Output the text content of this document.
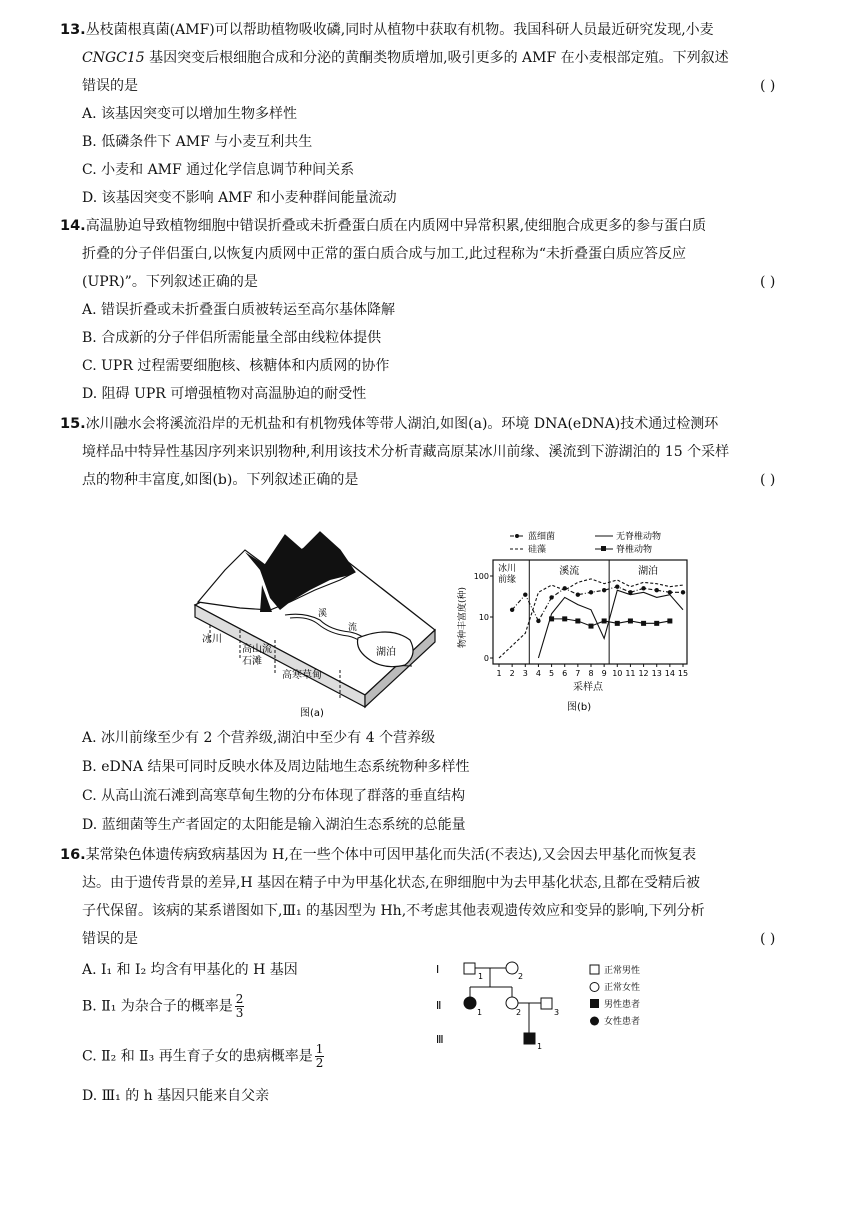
13.丛枝菌根真菌(AMF)可以帮助植物吸收磷,同时从植物中获取有机物。我国科研人员最近研究发现,小麦
CNGC15 基因突变后根细胞合成和分泌的黄酮类物质增加,吸引更多的 AMF 在小麦根部定殖。下列叙述
错误的是	( )
A. 该基因突变可以增加生物多样性
B. 低磷条件下 AMF 与小麦互利共生
C. 小麦和 AMF 通过化学信息调节种间关系
D. 该基因突变不影响 AMF 和小麦种群间能量流动
14.高温胁迫导致植物细胞中错误折叠或未折叠蛋白质在内质网中异常积累,使细胞合成更多的参与蛋白质
折叠的分子伴侣蛋白,以恢复内质网中正常的蛋白质合成与加工,此过程称为“未折叠蛋白质应答反应
(UPR)”。下列叙述正确的是	( )
A. 错误折叠或未折叠蛋白质被转运至高尔基体降解
B. 合成新的分子伴侣所需能量全部由线粒体提供
C. UPR 过程需要细胞核、核糖体和内质网的协作
D. 阻碍 UPR 可增强植物对高温胁迫的耐受性
15.冰川融水会将溪流沿岸的无机盐和有机物残体等带人湖泊,如图(a)。环境 DNA(eDNA)技术通过检测环
境样品中特异性基因序列来识别物种,利用该技术分析青藏高原某冰川前缘、溪流到下游湖泊的 15 个采样
点的物种丰富度,如图(b)。下列叙述正确的是	( )
冰川
高山流
石滩
高寒草甸
溪
流
湖泊
图(a)
蓝细菌	无脊椎动物
硅藻	脊椎动物
冰川
前缘
溪流	湖泊
100
10
0
1 2 3 4 5 6 7 8 9 10 11 12 13 14 15
物种丰富度(种)
采样点
图(b)
A. 冰川前缘至少有 2 个营养级,湖泊中至少有 4 个营养级
B. eDNA 结果可同时反映水体及周边陆地生态系统物种多样性
C. 从高山流石滩到高寒草甸生物的分布体现了群落的垂直结构
D. 蓝细菌等生产者固定的太阳能是输入湖泊生态系统的总能量
16.某常染色体遗传病致病基因为 H,在一些个体中可因甲基化而失活(不表达),又会因去甲基化而恢复表
达。由于遗传背景的差异,H 基因在精子中为甲基化状态,在卵细胞中为去甲基化状态,且都在受精后被
子代保留。该病的某系谱图如下,Ⅲ₁ 的基因型为 Hh,不考虑其他表观遗传效应和变异的影响,下列分析
错误的是	( )
A. Ⅰ₁ 和 Ⅰ₂ 均含有甲基化的 H 基因
B. Ⅱ₁ 为杂合子的概率是 $\frac{2}{3}$
C. Ⅱ₂ 和 Ⅱ₃ 再生育子女的患病概率是 $\frac{1}{2}$
D. Ⅲ₁ 的 h 基因只能来自父亲
Ⅰ
Ⅱ
Ⅲ
1	2
1	2	3
1
正常男性
正常女性
男性患者
女性患者
